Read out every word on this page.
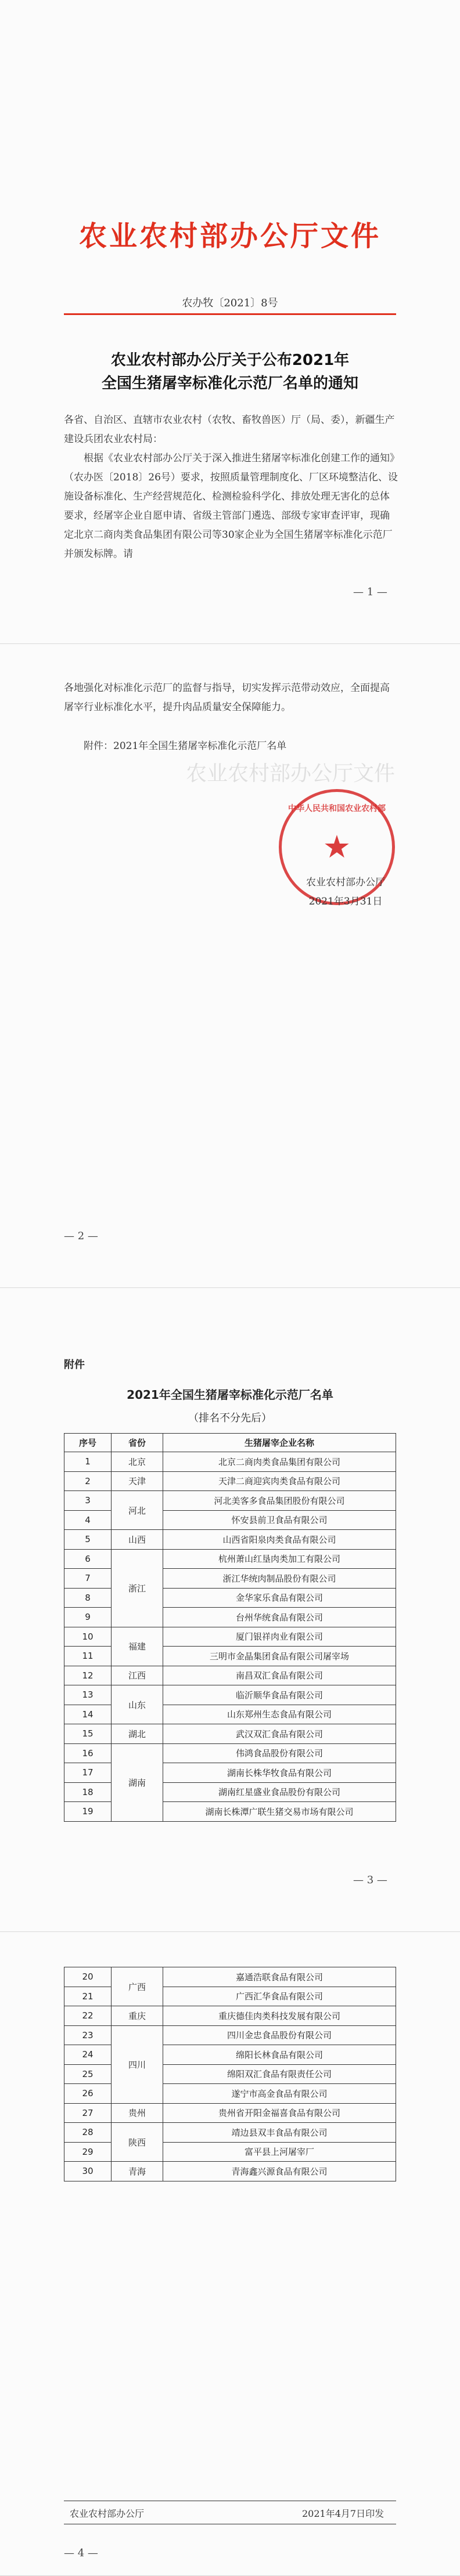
农业农村部办公厅文件
农办牧〔2021〕8号
农业农村部办公厅关于公布2021年
全国生猪屠宰标准化示范厂名单的通知
各省、自治区、直辖市农业农村（农牧、畜牧兽医）厅（局、委），新疆生产建设兵团农业农村局：
根据《农业农村部办公厅关于深入推进生猪屠宰标准化创建工作的通知》（农办医〔2018〕26号）要求，按照质量管理制度化、厂区环境整洁化、设施设备标准化、生产经营规范化、检测检验科学化、排放处理无害化的总体要求，经屠宰企业自愿申请、省级主管部门遴选、部级专家审查评审，现确定北京二商肉类食品集团有限公司等30家企业为全国生猪屠宰标准化示范厂并颁发标牌。请
— 1 —
各地强化对标准化示范厂的监督与指导，切实发挥示范带动效应，全面提高屠宰行业标准化水平，提升肉品质量安全保障能力。
附件：2021年全国生猪屠宰标准化示范厂名单
农业农村部办公厅文件
中华人民共和国农业农村部
★
农业农村部办公厅
2021年3月31日
— 2 —
附件
2021年全国生猪屠宰标准化示范厂名单
（排名不分先后）
序号	省份	生猪屠宰企业名称
1	北京	北京二商肉类食品集团有限公司
2	天津	天津二商迎宾肉类食品有限公司
3	河北	河北美客多食品集团股份有限公司
4		怀安县前卫食品有限公司
5	山西	山西省阳泉肉类食品有限公司
6	浙江	杭州萧山红垦肉类加工有限公司
7		浙江华统肉制品股份有限公司
8		金华家乐食品有限公司
9		台州华统食品有限公司
10	福建	厦门银祥肉业有限公司
11		三明市金晶集团食品有限公司屠宰场
12	江西	南昌双汇食品有限公司
13	山东	临沂顺华食品有限公司
14		山东郑州生态食品有限公司
15	湖北	武汉双汇食品有限公司
16	湖南	伟鸿食品股份有限公司
17		湖南长株华牧食品有限公司
18		湖南红星盛业食品股份有限公司
19		湖南长株潭广联生猪交易市场有限公司
— 3 —
20	广西	嘉通浩联食品有限公司
21		广西汇华食品有限公司
22	重庆	重庆德佳肉类科技发展有限公司
23	四川	四川金忠食品股份有限公司
24		绵阳长林食品有限公司
25		绵阳双汇食品有限责任公司
26		遂宁市高金食品有限公司
27	贵州	贵州省开阳金福喜食品有限公司
28	陕西	靖边县双丰食品有限公司
29		富平县上河屠宰厂
30	青海	青海鑫兴源食品有限公司
农业农村部办公厅	2021年4月7日印发
— 4 —
